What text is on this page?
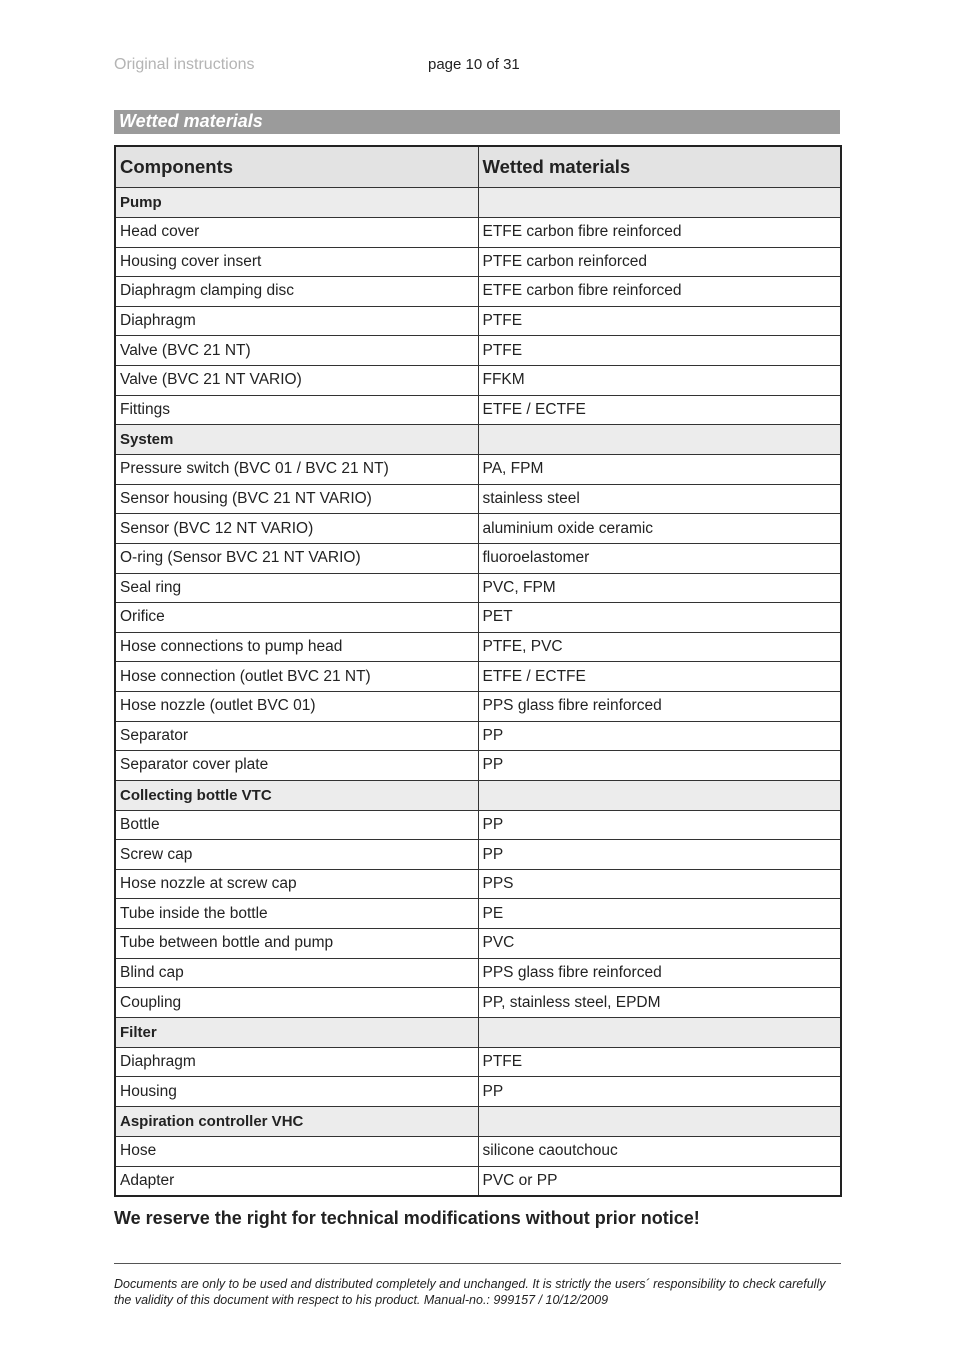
Original instructions	page 10 of 31
Wetted materials
Components	Wetted materials
Pump	
Head cover	ETFE carbon fibre reinforced
Housing cover insert	PTFE carbon reinforced
Diaphragm clamping disc	ETFE carbon fibre reinforced
Diaphragm	PTFE
Valve (BVC 21 NT)	PTFE
Valve (BVC 21 NT VARIO)	FFKM
Fittings	ETFE / ECTFE
System	
Pressure switch (BVC 01 / BVC 21 NT)	PA, FPM
Sensor housing (BVC 21 NT VARIO)	stainless steel
Sensor (BVC 12 NT VARIO)	aluminium oxide ceramic
O-ring (Sensor BVC 21 NT VARIO)	fluoroelastomer
Seal ring	PVC, FPM
Orifice	PET
Hose connections to pump head	PTFE, PVC
Hose connection (outlet BVC 21 NT)	ETFE / ECTFE
Hose nozzle (outlet BVC 01)	PPS glass fibre reinforced
Separator	PP
Separator cover plate	PP
Collecting bottle VTC	
Bottle	PP
Screw cap	PP
Hose nozzle at screw cap	PPS
Tube inside the bottle	PE
Tube between bottle and pump	PVC
Blind cap	PPS glass fibre reinforced
Coupling	PP, stainless steel, EPDM
Filter	
Diaphragm	PTFE
Housing	PP
Aspiration controller VHC	
Hose	silicone caoutchouc
Adapter	PVC or PP
We reserve the right for technical modifications without prior notice!
Documents are only to be used and distributed completely and unchanged. It is strictly the users´ responsibility to check carefully
the validity of this document with respect to his product. Manual-no.: 999157 / 10/12/2009
